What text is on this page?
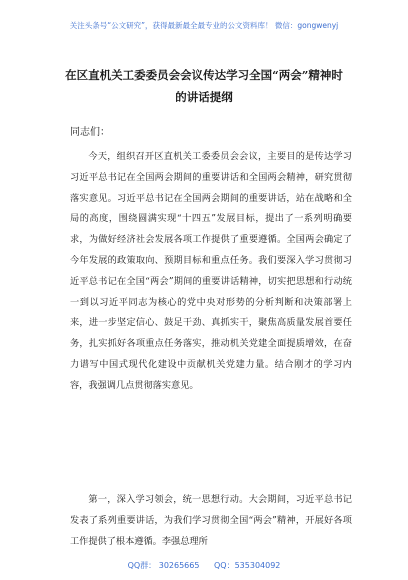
关注头条号“公文研究”，获得最新最全最专业的公文资料库！ 微信：gongwenyj
在区直机关工委委员会会议传达学习全国“两会”精神时
的讲话提纲
同志们：

今天，组织召开区直机关工委委员会会议，主要目的是传达学习习近平总书记在全国两会期间的重要讲话和全国两会精神，研究贯彻落实意见。习近平总书记在全国两会期间的重要讲话，站在战略和全局的高度，围绕圆满实现“十四五”发展目标，提出了一系列明确要求，为做好经济社会发展各项工作提供了重要遵循。全国两会确定了今年发展的政策取向、预期目标和重点任务。我们要深入学习贯彻习近平总书记在全国“两会”期间的重要讲话精神，切实把思想和行动统一到以习近平同志为核心的党中央对形势的分析判断和决策部署上来，进一步坚定信心、鼓足干劲、真抓实干，聚焦高质量发展首要任务，扎实抓好各项重点任务落实，推动机关党建全面提质增效，在奋力谱写中国式现代化建设中贡献机关党建力量。结合刚才的学习内容，我强调几点贯彻落实意见。

第一，深入学习领会，统一思想行动。大会期间，习近平总书记发表了系列重要讲话，为我们学习贯彻全国“两会”精神，开展好各项工作提供了根本遵循。李强总理所

QQ群： 30265665 QQ：535304092
